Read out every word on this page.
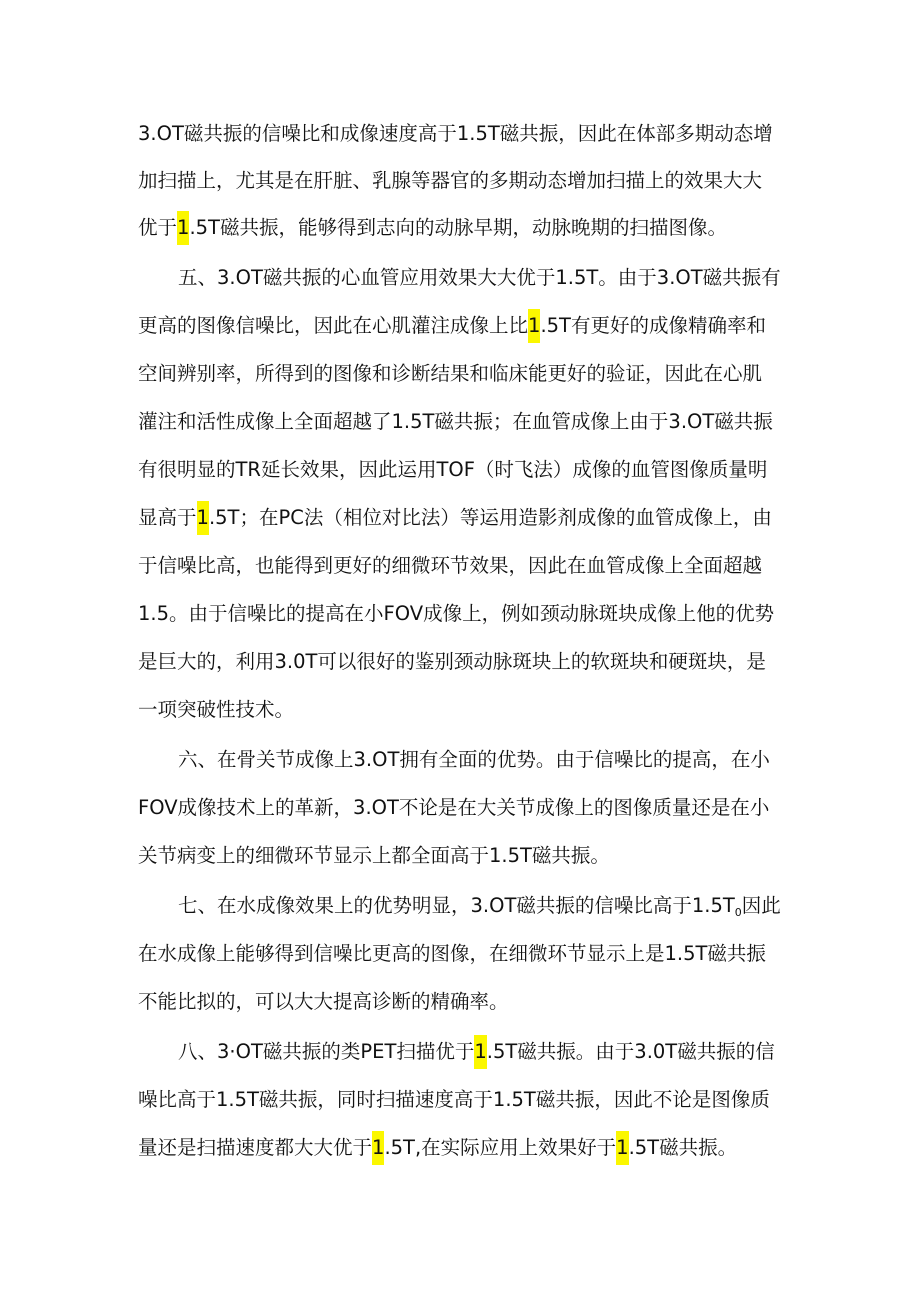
3.OT磁共振的信噪比和成像速度高于1.5T磁共振，因此在体部多期动态增
加扫描上，尤其是在肝脏、乳腺等器官的多期动态增加扫描上的效果大大
优于1.5T磁共振，能够得到志向的动脉早期，动脉晚期的扫描图像。
五、3.OT磁共振的心血管应用效果大大优于1.5T。由于3.OT磁共振有
更高的图像信噪比，因此在心肌灌注成像上比1.5T有更好的成像精确率和
空间辨别率，所得到的图像和诊断结果和临床能更好的验证，因此在心肌
灌注和活性成像上全面超越了1.5T磁共振；在血管成像上由于3.OT磁共振
有很明显的TR延长效果，因此运用TOF（时飞法）成像的血管图像质量明
显高于1.5T；在PC法（相位对比法）等运用造影剂成像的血管成像上，由
于信噪比高，也能得到更好的细微环节效果，因此在血管成像上全面超越
1.5。由于信噪比的提高在小FOV成像上，例如颈动脉斑块成像上他的优势
是巨大的，利用3.0T可以很好的鉴别颈动脉斑块上的软斑块和硬斑块，是
一项突破性技术。
六、在骨关节成像上3.OT拥有全面的优势。由于信噪比的提高，在小
FOV成像技术上的革新，3.OT不论是在大关节成像上的图像质量还是在小
关节病变上的细微环节显示上都全面高于1.5T磁共振。
七、在水成像效果上的优势明显，3.OT磁共振的信噪比高于$1.5T_0$因此
在水成像上能够得到信噪比更高的图像，在细微环节显示上是1.5T磁共振
不能比拟的，可以大大提高诊断的精确率。
八、3·OT磁共振的类PET扫描优于1.5T磁共振。由于3.0T磁共振的信
噪比高于1.5T磁共振，同时扫描速度高于1.5T磁共振，因此不论是图像质
量还是扫描速度都大大优于1.5T,在实际应用上效果好于1.5T磁共振。
